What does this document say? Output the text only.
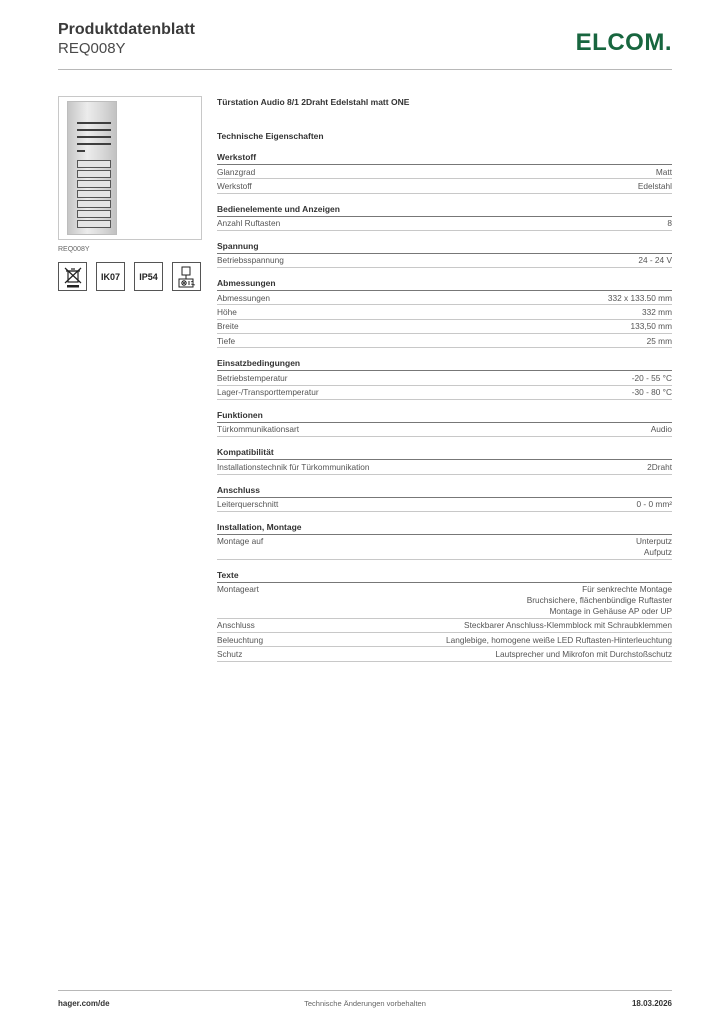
Produktdatenblatt
REQ008Y	ELCOM.
REQ008Y
IK07	IP54
Türstation Audio 8/1 2Draht Edelstahl matt ONE
Technische Eigenschaften
Werkstoff
Glanzgrad	Matt
Werkstoff	Edelstahl
Bedienelemente und Anzeigen
Anzahl Ruftasten	8
Spannung
Betriebsspannung	24 - 24 V
Abmessungen
Abmessungen	332 x 133.50 mm
Höhe	332 mm
Breite	133,50 mm
Tiefe	25 mm
Einsatzbedingungen
Betriebstemperatur	-20 - 55 °C
Lager-/Transporttemperatur	-30 - 80 °C
Funktionen
Türkommunikationsart	Audio
Kompatibilität
Installationstechnik für Türkommunikation	2Draht
Anschluss
Leiterquerschnitt	0 - 0 mm²
Installation, Montage
Montage auf	Unterputz
Aufputz
Texte
Montageart	Für senkrechte Montage
Bruchsichere, flächenbündige Ruftaster
Montage in Gehäuse AP oder UP
Anschluss	Steckbarer Anschluss-Klemmblock mit Schraubklemmen
Beleuchtung	Langlebige, homogene weiße LED Ruftasten-Hinterleuchtung
Schutz	Lautsprecher und Mikrofon mit Durchstoßschutz
hager.com/de	Technische Änderungen vorbehalten	18.03.2026
